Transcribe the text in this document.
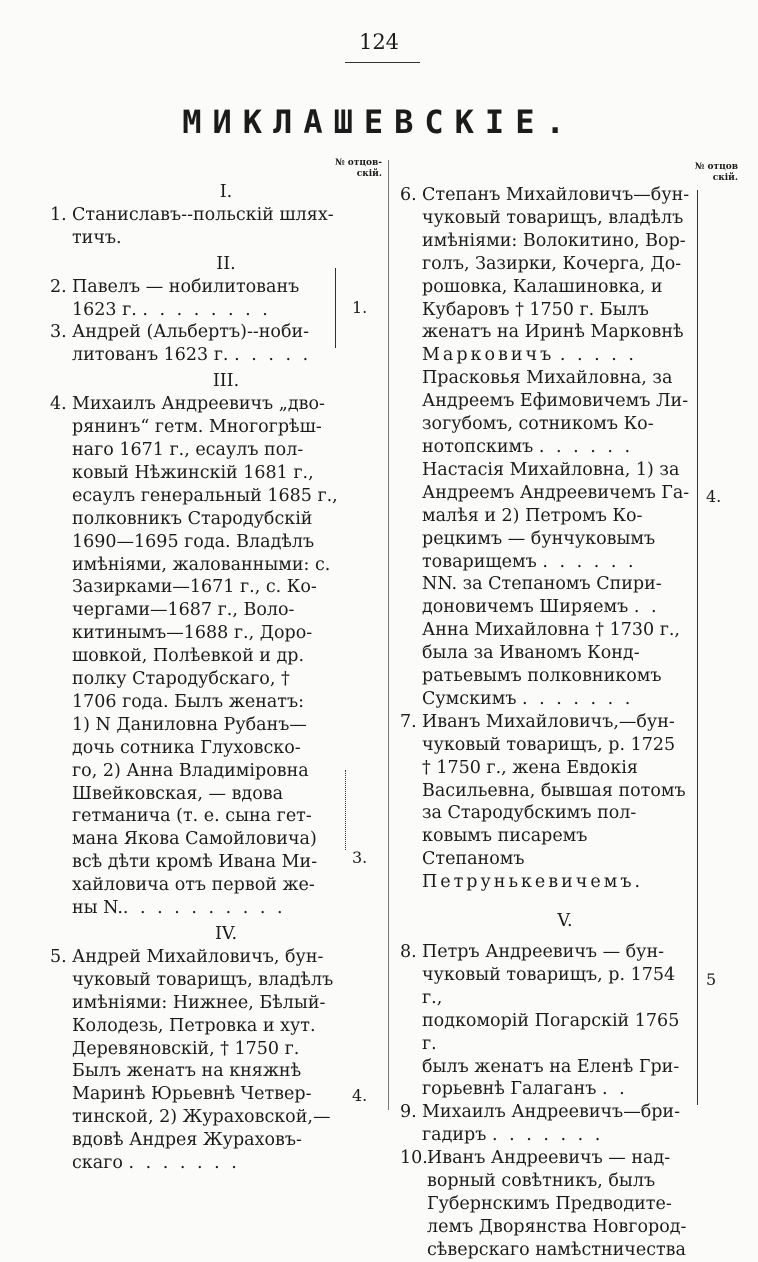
124
МИКЛАШЕВСКІЕ.
№ отцов-скій.
№ отцов скій.
I.
1. Станиславъ--польскій шлях-
тичъ.
II.
2. Павелъ — нобилитованъ
1623 г. . . . . . . . .
3. Андрей (Альбертъ)--ноби-
литованъ 1623 г. . . . . .
III.
4. Михаилъ Андреевичъ „дво-
рянинъ“ гетм. Многогрѣш-
наго 1671 г., есаулъ пол-
ковый Нѣжинскій 1681 г.,
есаулъ генеральный 1685 г.,
полковникъ Стародубскій
1690—1695 года. Владѣлъ
имѣніями, жалованными: с.
Зазирками—1671 г., с. Ко-
чергами—1687 г., Воло-
китинымъ—1688 г., Доро-
шовкой, Полѣевкой и др.
полку Стародубскаго, †
1706 года. Былъ женатъ:
1) N Даниловна Рубанъ—
дочь сотника Глуховско-
го, 2) Анна Владиміровна
Швейковская, — вдова
гетманича (т. е. сына гет-
мана Якова Самойловича)
всѣ дѣти кромѣ Ивана Ми-
хайловича отъ первой же-
ны N.. . . . . . . . . .
IV.
5. Андрей Михайловичъ, бун-
чуковый товарищъ, владѣлъ
имѣніями: Нижнее, Бѣлый-
Колодезь, Петровка и хут.
Деревяновскій, † 1750 г.
Былъ женатъ на княжнѣ
Маринѣ Юрьевнѣ Четвер-
тинской, 2) Жураховской,—
вдовѣ Андрея Жураховъ-
скаго . . . . . . .
1.
3.
4.
6. Степанъ Михайловичъ—бун-
чуковый товарищъ, владѣлъ
имѣніями: Волокитино, Вор-
голъ, Зазирки, Кочерга, До-
рошовка, Калашиновка, и
Кубаровъ † 1750 г. Былъ
женатъ на Иринѣ Марковнѣ
Марковичъ . . . . .
Прасковья Михайловна, за
Андреемъ Ефимовичемъ Ли-
зогубомъ, сотникомъ Ко-
нотопскимъ . . . . . .
Настасія Михайловна, 1) за
Андреемъ Андреевичемъ Га-
малѣя и 2) Петромъ Ко-
рецкимъ — бунчуковымъ
товарищемъ . . . . . .
NN. за Степаномъ Спири-
доновичемъ Ширяемъ . .
Анна Михайловна † 1730 г.,
была за Иваномъ Конд-
ратьевымъ полковникомъ
Сумскимъ . . . . . . .
7. Иванъ Михайловичъ,—бун-
чуковый товарищъ, р. 1725
† 1750 г., жена Евдокія
Васильевна, бывшая потомъ
за Стародубскимъ пол-
ковымъ писаремъ Степаномъ
Петрунькевичемъ.
V.
8. Петръ Андреевичъ — бун-
чуковый товарищъ, р. 1754 г.,
подкоморій Погарскій 1765 г.
былъ женатъ на Еленѣ Гри-
горьевнѣ Галаганъ . .
9. Михаилъ Андреевичъ—бри-
гадиръ . . . . . . .
10. Иванъ Андреевичъ — над-
ворный совѣтникъ, былъ
Губернскимъ Предводите-
лемъ Дворянства Новгород-
сѣверскаго намѣстничества
4.
5
